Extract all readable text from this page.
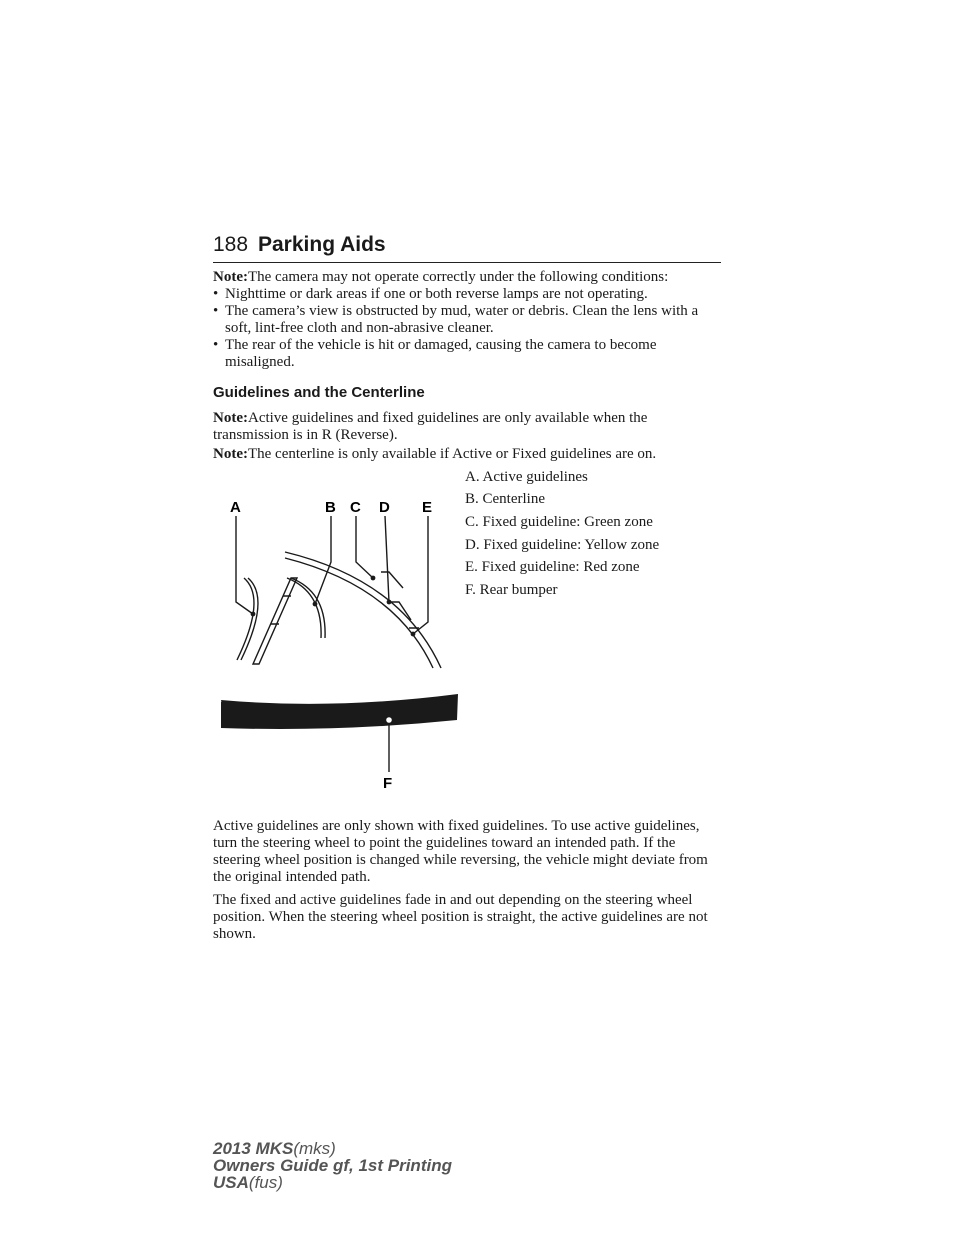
188 Parking Aids
Note:The camera may not operate correctly under the following conditions:
• Nighttime or dark areas if one or both reverse lamps are not operating.
• The camera’s view is obstructed by mud, water or debris. Clean the lens with a soft, lint-free cloth and non-abrasive cleaner.
• The rear of the vehicle is hit or damaged, causing the camera to become misaligned.
Guidelines and the Centerline
Note:Active guidelines and fixed guidelines are only available when the transmission is in R (Reverse).
Note:The centerline is only available if Active or Fixed guidelines are on.
A. Active guidelines
B. Centerline
C. Fixed guideline: Green zone
D. Fixed guideline: Yellow zone
E. Fixed guideline: Red zone
F. Rear bumper
A	B C D E
F
Active guidelines are only shown with fixed guidelines. To use active guidelines, turn the steering wheel to point the guidelines toward an intended path. If the steering wheel position is changed while reversing, the vehicle might deviate from the original intended path.
The fixed and active guidelines fade in and out depending on the steering wheel position. When the steering wheel position is straight, the active guidelines are not shown.
2013 MKS(mks)
Owners Guide gf, 1st Printing
USA(fus)
